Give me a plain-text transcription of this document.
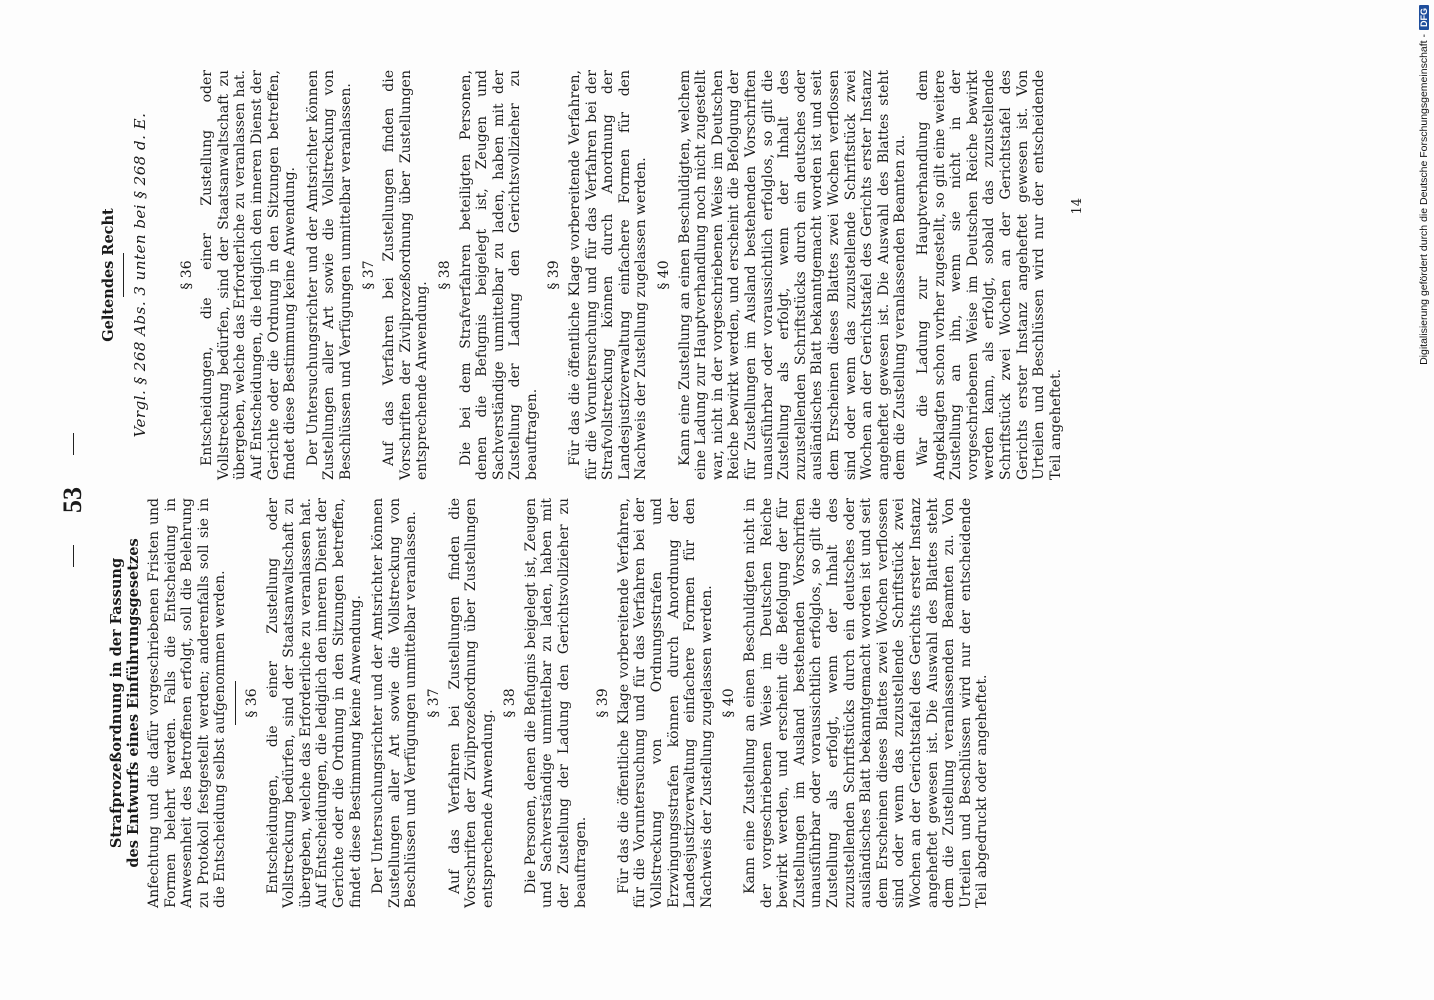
53
Strafprozeßordnung in der Fassung des Entwurfs eines Einführungsgesetzes Anfechtung und die dafür vorgeschriebenen Fristen und Formen belehrt werden. Falls die Entscheidung in Anwesenheit des Betroffenen erfolgt, soll die Belehrung zu Protokoll festgestellt werden; anderenfalls soll sie in die Entscheidung selbst aufgenommen werden. § 36 Entscheidungen, die einer Zustellung oder Vollstreckung bedürfen, sind der Staatsanwaltschaft zu übergeben, welche das Erforderliche zu veranlassen hat. Auf Entscheidungen, die lediglich den inneren Dienst der Gerichte oder die Ordnung in den Sitzungen betreffen, findet diese Bestimmung keine Anwendung. Der Untersuchungsrichter und der Amtsrichter können Zustellungen aller Art sowie die Vollstreckung von Beschlüssen und Verfügungen unmittelbar veranlassen. § 37 Auf das Verfahren bei Zustellungen finden die Vorschriften der Zivilprozeßordnung über Zustellungen entsprechende Anwendung.

§ 38 Die Personen, denen die Befugnis beigelegt ist, Zeugen und Sachverständige unmittelbar zu laden, haben mit der Zustellung der Ladung den Gerichtsvollzieher zu beauftragen.

§ 39 Für das die öffentliche Klage vorbereitende Verfahren, für die Voruntersuchung und für das Verfahren bei der Vollstreckung von Ordnungsstrafen und Erzwingungsstrafen können durch Anordnung der Landesjustizverwaltung einfachere Formen für den Nachweis der Zustellung zugelassen werden. § 40 Kann eine Zustellung an einen Beschuldigten nicht in der vorgeschriebenen Weise im Deutschen Reiche bewirkt werden, und erscheint die Befolgung der für Zustellungen im Ausland bestehenden Vorschriften unausführbar oder voraussichtlich erfolglos, so gilt die Zustellung als erfolgt, wenn der Inhalt des zuzustellenden Schriftstücks durch ein deutsches oder ausländisches Blatt bekanntgemacht worden ist und seit dem Erscheinen dieses Blattes zwei Wochen verflossen sind oder wenn das zuzustellende Schriftstück zwei Wochen an der Gerichtstafel des Gerichts erster Instanz angeheftet gewesen ist. Die Auswahl des Blattes steht dem die Zustellung veranlassenden Beamten zu. Von Urteilen und Beschlüssen wird nur der entscheidende Teil abgedruckt oder angeheftet.

Geltendes Recht Vergl. § 268 Abs. 3 unten bei § 268 d. E. § 36 Entscheidungen, die einer Zustellung oder Vollstreckung bedürfen, sind der Staatsanwaltschaft zu übergeben, welche das Erforderliche zu veranlassen hat. Auf Entscheidungen, die lediglich den inneren Dienst der Gerichte oder die Ordnung in den Sitzungen betreffen, findet diese Bestimmung keine Anwendung. Der Untersuchungsrichter und der Amtsrichter können Zustellungen aller Art sowie die Vollstreckung von Beschlüssen und Verfügungen unmittelbar veranlassen. § 37 Auf das Verfahren bei Zustellungen finden die Vorschriften der Zivilprozeßordnung über Zustellungen entsprechende Anwendung.

§ 38 Die bei dem Strafverfahren beteiligten Personen, denen die Befugnis beigelegt ist, Zeugen und Sachverständige unmittelbar zu laden, haben mit der Zustellung der Ladung den Gerichtsvollzieher zu beauftragen.

§ 39 Für das die öffentliche Klage vorbereitende Verfahren, für die Voruntersuchung und für das Verfahren bei der Strafvollstreckung können durch Anordnung der Landesjustizverwaltung einfachere Formen für den Nachweis der Zustellung zugelassen werden. § 40 Kann eine Zustellung an einen Beschuldigten, welchem eine Ladung zur Hauptverhandlung noch nicht zugestellt war, nicht in der vorgeschriebenen Weise im Deutschen Reiche bewirkt werden, und erscheint die Befolgung der für Zustellungen im Ausland bestehenden Vorschriften unausführbar oder voraussichtlich erfolglos, so gilt die Zustellung als erfolgt, wenn der Inhalt des zuzustellenden Schriftstücks durch ein deutsches oder ausländisches Blatt bekanntgemacht worden ist und seit dem Erscheinen dieses Blattes zwei Wochen verflossen sind oder wenn das zuzustellende Schriftstück zwei Wochen an der Gerichtstafel des Gerichts erster Instanz angeheftet gewesen ist. Die Auswahl des Blattes steht dem die Zustellung veranlassenden Beamten zu. War die Ladung zur Hauptverhandlung dem Angeklagten schon vorher zugestellt, so gilt eine weitere Zustellung an ihn, wenn sie nicht in der vorgeschriebenen Weise im Deutschen Reiche bewirkt werden kann, als erfolgt, sobald das zuzustellende Schriftstück zwei Wochen an der Gerichtstafel des Gerichts erster Instanz angeheftet gewesen ist. Von Urteilen und Beschlüssen wird nur der entscheidende Teil angeheftet.

14	Digitalisierung gefördert durch die Deutsche Forschungsgemeinschaft -DFG
